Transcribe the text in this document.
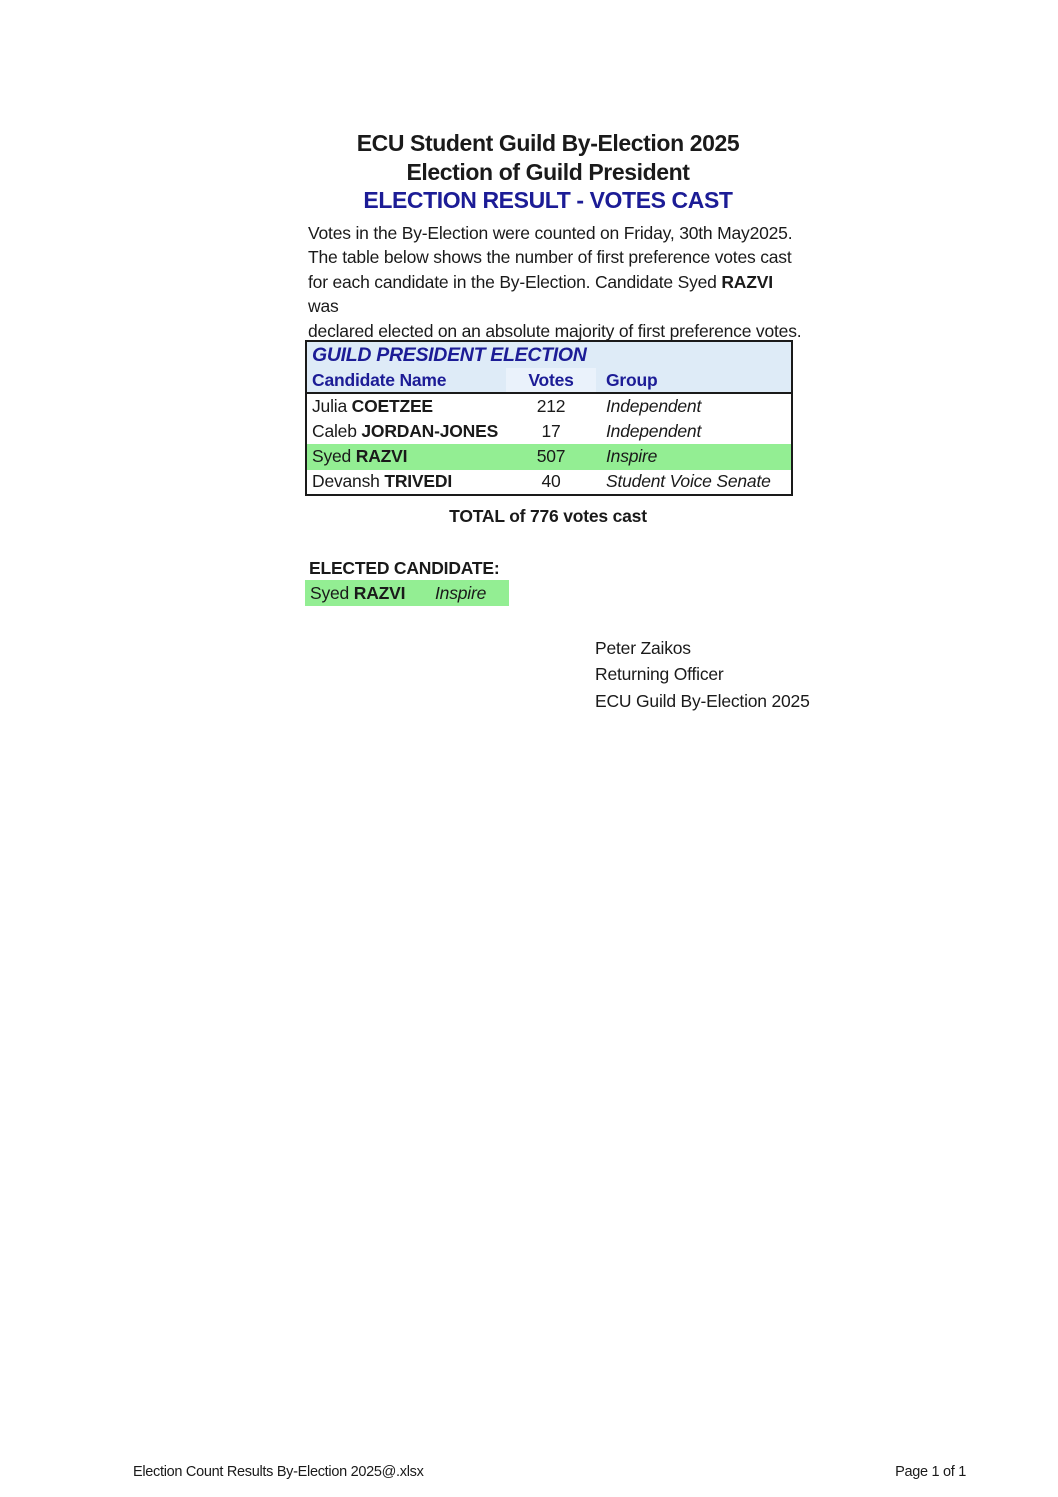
ECU Student Guild By-Election 2025
Election of Guild President
ELECTION RESULT - VOTES CAST
Votes in the By-Election were counted on Friday, 30th May2025.
The table below shows the number of first preference votes cast
for each candidate in the By-Election. Candidate Syed RAZVI was
declared elected on an absolute majority of first preference votes.
GUILD PRESIDENT ELECTION		
Candidate Name	Votes	Group
Julia COETZEE	212	Independent
Caleb JORDAN-JONES	17	Independent
Syed RAZVI	507	Inspire
Devansh TRIVEDI	40	Student Voice Senate
TOTAL of 776 votes cast
ELECTED CANDIDATE:
Syed RAZVI Inspire
Peter Zaikos
Returning Officer
ECU Guild By-Election 2025
Election Count Results By-Election 2025@.xlsx	Page 1 of 1
